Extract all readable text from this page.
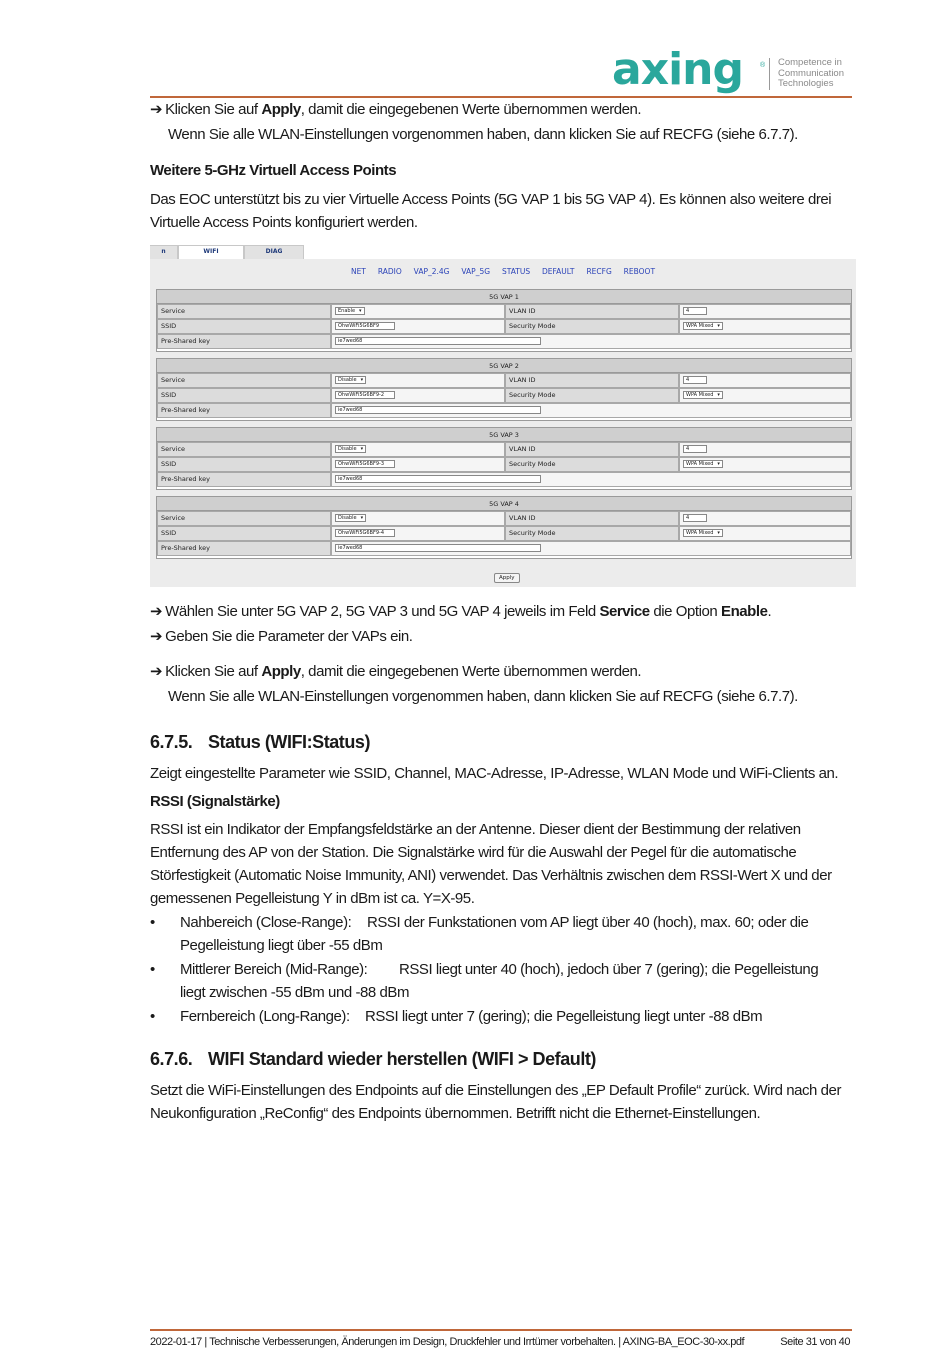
axing ® Competence in
Communication
Technologies
➔ Klicken Sie auf Apply, damit die eingegebenen Werte übernommen werden.
Wenn Sie alle WLAN-Einstellungen vorgenommen haben, dann klicken Sie auf RECFG (siehe 6.7.7).
Weitere 5-GHz Virtuell Access Points
Das EOC unterstützt bis zu vier Virtuelle Access Points (5G VAP 1 bis 5G VAP 4). Es können also weitere drei
Virtuelle Access Points konfiguriert werden.
n	WIFI	DIAG
NET RADIO VAP_2.4G VAP_5G STATUS DEFAULT RECFG REBOOT
5G VAP 1
Service	Enable ▾	VLAN ID	4
SSID	OhwWiFi5G6BF9	Security Mode	WPA Mixed ▾
Pre-Shared key	ie7wed68
5G VAP 2
Service	Disable ▾	VLAN ID	4
SSID	OhwWiFi5G6BF9-2	Security Mode	WPA Mixed ▾
Pre-Shared key	ie7wed68
5G VAP 3
Service	Disable ▾	VLAN ID	4
SSID	OhwWiFi5G6BF9-3	Security Mode	WPA Mixed ▾
Pre-Shared key	ie7wed68
5G VAP 4
Service	Disable ▾	VLAN ID	4
SSID	OhwWiFi5G6BF9-4	Security Mode	WPA Mixed ▾
Pre-Shared key	ie7wed68
Apply
➔ Wählen Sie unter 5G VAP 2, 5G VAP 3 und 5G VAP 4 jeweils im Feld Service die Option Enable.
➔ Geben Sie die Parameter der VAPs ein.
➔ Klicken Sie auf Apply, damit die eingegebenen Werte übernommen werden.
Wenn Sie alle WLAN-Einstellungen vorgenommen haben, dann klicken Sie auf RECFG (siehe 6.7.7).
6.7.5. Status (WIFI:Status)
Zeigt eingestellte Parameter wie SSID, Channel, MAC-Adresse, IP-Adresse, WLAN Mode und WiFi-Clients an.
RSSI (Signalstärke)
RSSI ist ein Indikator der Empfangsfeldstärke an der Antenne. Dieser dient der Bestimmung der relativen
Entfernung des AP von der Station. Die Signalstärke wird für die Auswahl der Pegel für die automatische
Störfestigkeit (Automatic Noise Immunity, ANI) verwendet. Das Verhältnis zwischen dem RSSI-Wert X und der
gemessenen Pegelleistung Y in dBm ist ca. Y=X-95.
• Nahbereich (Close-Range): RSSI der Funkstationen vom AP liegt über 40 (hoch), max. 60; oder die
Pegelleistung liegt über -55 dBm
• Mittlerer Bereich (Mid-Range): RSSI liegt unter 40 (hoch), jedoch über 7 (gering); die Pegelleistung
liegt zwischen -55 dBm und -88 dBm
• Fernbereich (Long-Range): RSSI liegt unter 7 (gering); die Pegelleistung liegt unter -88 dBm
6.7.6. WIFI Standard wieder herstellen (WIFI > Default)
Setzt die WiFi-Einstellungen des Endpoints auf die Einstellungen des „EP Default Profile“ zurück. Wird nach der
Neukonfiguration „ReConfig“ des Endpoints übernommen. Betrifft nicht die Ethernet-Einstellungen.
2022-01-17 | Technische Verbesserungen, Änderungen im Design, Druckfehler und Irrtümer vorbehalten. | AXING-BA_EOC-30-xx.pdf	Seite 31 von 40
